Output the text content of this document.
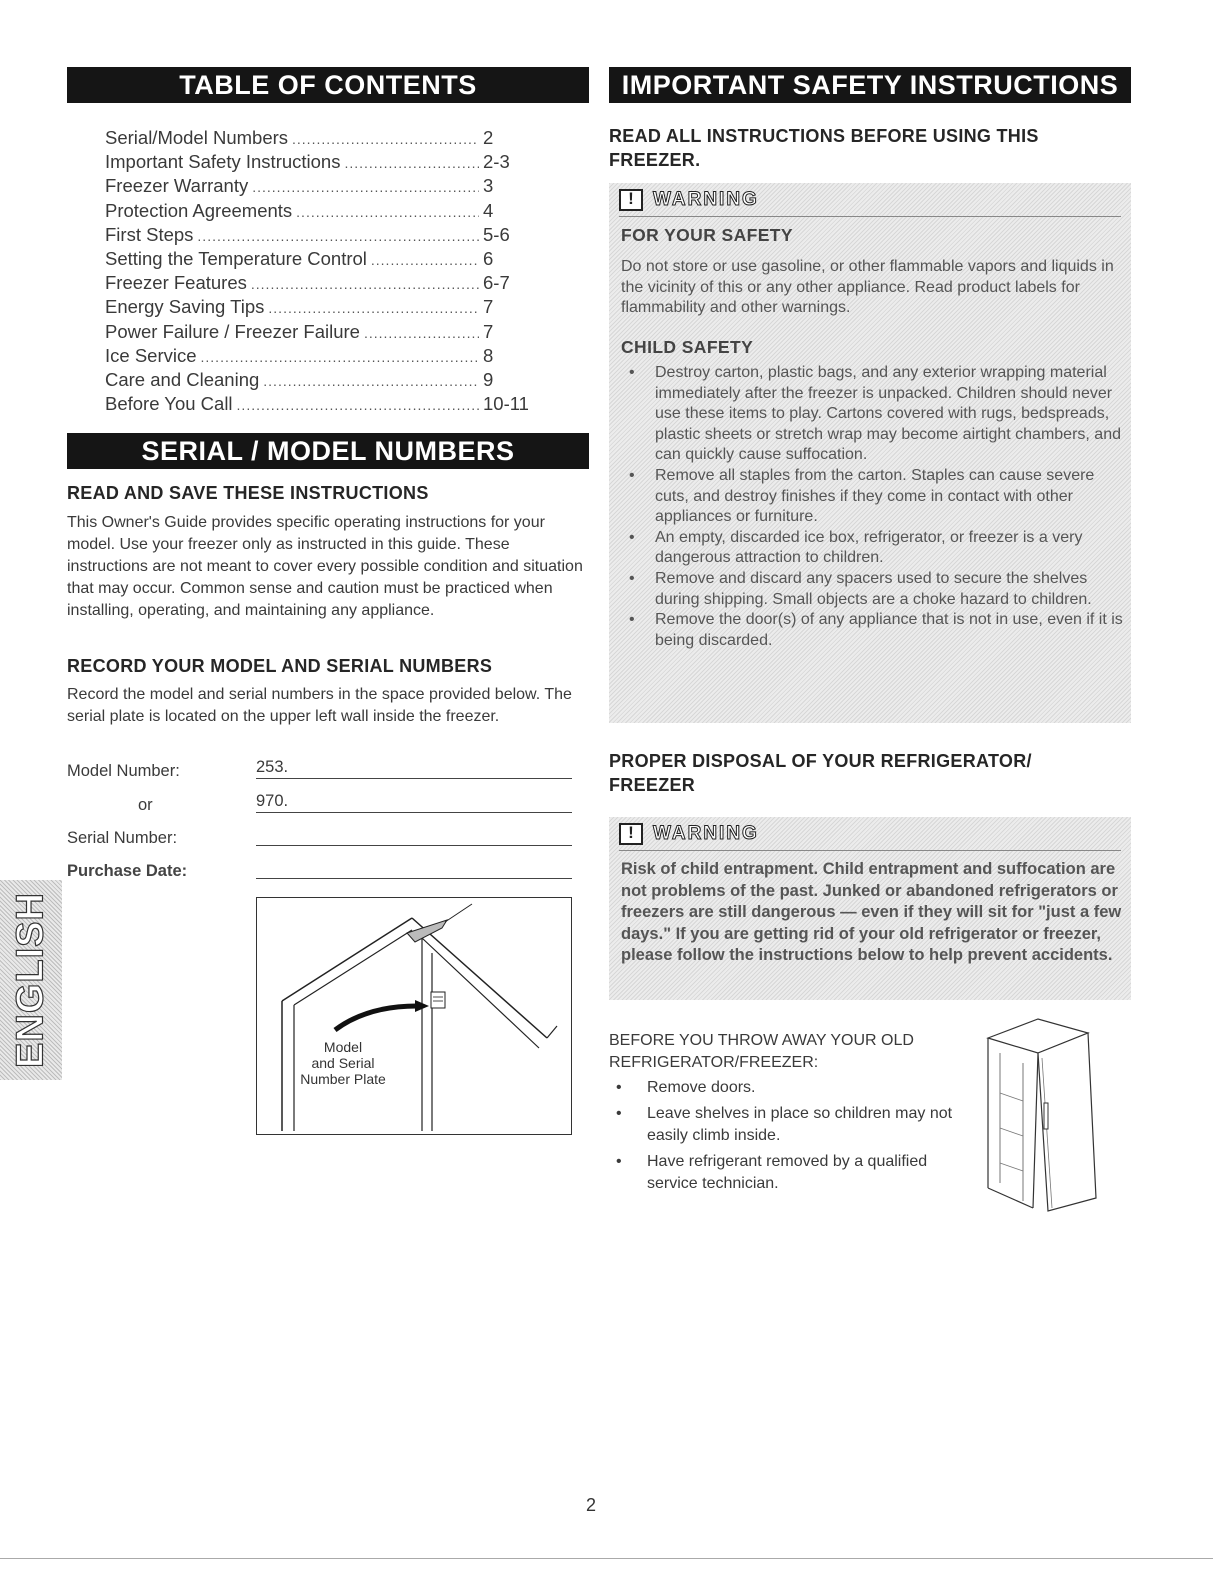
TABLE OF CONTENTS
Serial/Model Numbers .....	2
Important Safety Instructions .....	2-3
Freezer Warranty .....	3
Protection Agreements .....	4
First Steps .....	5-6
Setting the Temperature Control .....	6
Freezer Features .....	6-7
Energy Saving Tips .....	7
Power Failure / Freezer Failure .....	7
Ice Service .....	8
Care and Cleaning .....	9
Before You Call .....	10-11
SERIAL / MODEL NUMBERS
READ AND SAVE THESE INSTRUCTIONS
This Owner's Guide provides specific operating instructions for your model. Use your freezer only as instructed in this guide. These instructions are not meant to cover every possible condition and situation that may occur. Common sense and caution must be practiced when installing, operating, and maintaining any appliance.
RECORD YOUR MODEL AND SERIAL NUMBERS
Record the model and serial numbers in the space provided below. The serial plate is located on the upper left wall inside the freezer.
Model Number:	253.
or	970.
Serial Number:
Purchase Date:
Model
and Serial
Number Plate
ENGLISH
IMPORTANT SAFETY INSTRUCTIONS
READ ALL INSTRUCTIONS BEFORE USING THIS FREEZER.
!
WARNING
FOR YOUR SAFETY
Do not store or use gasoline, or other flammable vapors and liquids in the vicinity of this or any other appliance. Read product labels for flammability and other warnings.
CHILD SAFETY
• Destroy carton, plastic bags, and any exterior wrapping material immediately after the freezer is unpacked. Children should never use these items to play. Cartons covered with rugs, bedspreads, plastic sheets or stretch wrap may become airtight chambers, and can quickly cause suffocation.
• Remove all staples from the carton. Staples can cause severe cuts, and destroy finishes if they come in contact with other appliances or furniture.
• An empty, discarded ice box, refrigerator, or freezer is a very dangerous attraction to children.
• Remove and discard any spacers used to secure the shelves during shipping. Small objects are a choke hazard to children.
• Remove the door(s) of any appliance that is not in use, even if it is being discarded.
PROPER DISPOSAL OF YOUR REFRIGERATOR/ FREEZER
!
WARNING
Risk of child entrapment. Child entrapment and suffocation are not problems of the past. Junked or abandoned refrigerators or freezers are still dangerous — even if they will sit for "just a few days." If you are getting rid of your old refrigerator or freezer, please follow the instructions below to help prevent accidents.
BEFORE YOU THROW AWAY YOUR OLD REFRIGERATOR/FREEZER:
• Remove doors.
• Leave shelves in place so children may not easily climb inside.
• Have refrigerant removed by a qualified service technician.
2
